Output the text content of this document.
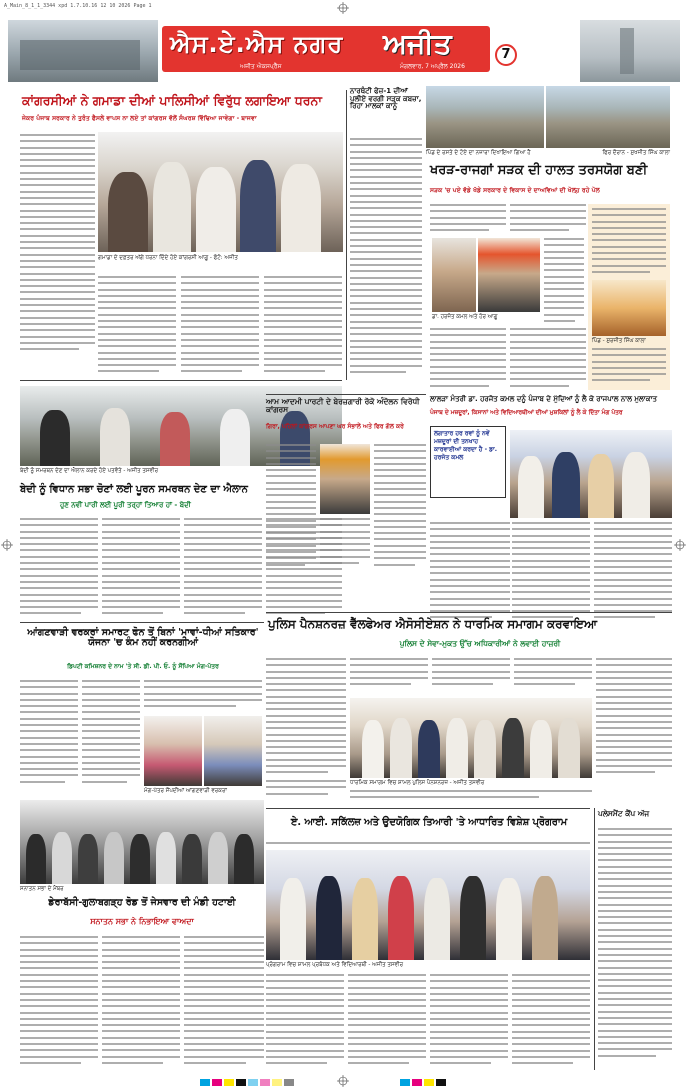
A_Main_8_1_1_3344 xpd 1.7.10.16 12 10 2026 Page 1
ਐਸ.ਏ.ਐਸ ਨਗਰ	ਅਜੀਤ
ਅਜੀਤ ਐਕਸਪ੍ਰੈੱਸ	ਮੰਗਲਵਾਰ, 7 ਅਪ੍ਰੈਲ 2026
7
ਕਾਂਗਰਸੀਆਂ ਨੇ ਗਮਾਡਾ ਦੀਆਂ ਪਾਲਿਸੀਆਂ ਵਿਰੁੱਧ ਲਗਾਇਆ ਧਰਨਾ
ਜੇਕਰ ਪੰਜਾਬ ਸਰਕਾਰ ਨੇ ਤੁਰੰਤ ਫੈਸਲੇ ਵਾਪਸ ਨਾ ਲਏ ਤਾਂ ਕਾਂਗਰਸ ਵੱਲੋਂ ਸੰਘਰਸ਼ ਵਿੱਢਿਆ ਜਾਵੇਗਾ - ਬਾਜਵਾ
ਗਮਾਡਾ ਦੇ ਦਫ਼ਤਰ ਅੱਗੇ ਧਰਨਾ ਦਿੰਦੇ ਹੋਏ ਕਾਂਗਰਸੀ ਆਗੂ - ਫੋਟੋ: ਅਜੀਤ
ਨਾਰਥੰਟੀ ਫੇਜ਼-1 ਦੀਆਂ ਪੁਲੀਏ ਵਰਗੀ ਸੜਕ ਕਬਜ਼ਾ, ਰਿਹਾ ਮਾਲਕਾਂ ਕਾਨੂੰ
ਪਿੰਡ ਦੇ ਰਸਤੇ ਦੇ ਟੋਏ ਦਾ ਨਜ਼ਾਰਾ ਦਿਖਾਇਆ ਗਿਆ ਹੈ	ਫਿਰ ਦੌਰਾਨ - ਸੁਖਜੀਤ ਸਿੰਘ ਕਾਲਾ
ਖਰੜ-ਰਾਜਗਾਂ ਸੜਕ ਦੀ ਹਾਲਤ ਤਰਸਯੋਗ ਬਣੀ
ਸੜਕ 'ਚ ਪਏ ਵੱਡੇ ਖੱਡੇ ਸਰਕਾਰ ਦੇ ਵਿਕਾਸ ਦੇ ਦਾਅਵਿਆਂ ਦੀ ਖੋਲ੍ਹ ਰਹੇ ਪੋਲ
ਡਾ. ਹਰਜੋਤ ਕਮਲ ਅਤੇ ਹੋਰ ਆਗੂ
ਪਿੰਡ - ਸੁਰਜੀਤ ਸਿੰਘ ਕਾਲਾ
ਬੇਦੀ ਨੂੰ ਸਮਰਥਨ ਦੇਣ ਦਾ ਐਲਾਨ ਕਰਦੇ ਹੋਏ ਪਤਵੰਤੇ - ਅਜੀਤ ਤਸਵੀਰ
ਬੇਦੀ ਨੂੰ ਵਿਧਾਨ ਸਭਾ ਚੋਣਾਂ ਲਈ ਪੂਰਨ ਸਮਰਥਨ ਦੇਣ ਦਾ ਐਲਾਨ
ਹੁਣ ਨਵੀਂ ਪਾਰੀ ਲਈ ਪੂਰੀ ਤਰ੍ਹਾਂ ਤਿਆਰ ਹਾਂ - ਬੇਦੀ
ਆਮ ਆਦਮੀ ਪਾਰਟੀ ਦੇ ਬੇਰਜ਼ਗਾਰੀ ਰੋਕੋ ਅੰਦੋਲਨ ਵਿਰੋਧੀ ਕਾਂਗਰਸ
ਗਿਰਾ, ਪਹਿਲਾਂ ਕਾਂਗਰਸ ਆਪਣਾ ਘਰ ਸੰਭਾਲੇ ਅਤੇ ਫਿਰ ਗੱਲ ਕਰੇ
ਲਾਲੜਾ ਮੰਤਰੀ ਡਾ. ਹਰਜੋਤ ਕਮਲ ਦਨੂੰ ਪੰਜਾਬ ਦੇ ਮੁੱਦਿਆਂ ਨੂੰ ਲੈ ਕੇ ਰਾਜਪਾਲ ਨਾਲ ਮੁਲਾਕਾਤ
ਪੰਜਾਬ ਦੇ ਮਜ਼ਦੂਰਾਂ, ਕਿਸਾਨਾਂ ਅਤੇ ਵਿਦਿਆਰਥੀਆਂ ਦੀਆਂ ਮੁਸ਼ਕਿਲਾਂ ਨੂੰ ਲੈ ਕੇ ਦਿੱਤਾ ਮੰਗ ਪੱਤਰ
ਲਗਾਤਾਰ ਹਰ ਰਵਾਂ ਨੂੰ ਨਵੇਂ ਮਜ਼ਦੂਰਾਂ ਦੀ ਤਨਖਾਹ ਕਾਰਵਾਈਆਂ ਕਰਦਾ ਹੈ - ਡਾ. ਹਰਜੋਤ ਕਮਲ
ਆਂਗਣਵਾੜੀ ਵਰਕਰਾਂ ਸਮਾਰਟ ਫੋਨ ਤੋਂ ਬਿਨਾਂ 'ਮਾਵਾਂ-ਧੀਆਂ ਸਤਿਕਾਰ' ਯੋਜਨਾ 'ਚ ਕੰਮ ਨਹੀਂ ਕਰਨਗੀਆਂ
ਡਿਪਟੀ ਕਮਿਸ਼ਨਰ ਦੇ ਨਾਮ 'ਤੇ ਸੀ. ਡੀ. ਪੀ. ਓ. ਨੂੰ ਸੌਂਪਿਆ ਮੰਗ-ਪੱਤਰ
ਮੰਗ-ਪੱਤਰ ਸੌਂਪਦੀਆਂ ਆਂਗਣਵਾੜੀ ਵਰਕਰਾਂ
ਪੁਲਿਸ ਪੈਨਸ਼ਨਰਜ਼ ਵੈੱਲਫੇਅਰ ਐਸੋਸੀਏਸ਼ਨ ਨੇ ਧਾਰਮਿਕ ਸਮਾਗਮ ਕਰਵਾਇਆ
ਪੁਲਿਸ ਦੇ ਸੇਵਾ-ਮੁਕਤ ਉੱਚ ਅਧਿਕਾਰੀਆਂ ਨੇ ਲਵਾਈ ਹਾਜ਼ਰੀ
ਧਾਰਮਿਕ ਸਮਾਗਮ ਵਿਚ ਸ਼ਾਮਲ ਪੁਲਿਸ ਪੈਨਸ਼ਨਰਜ਼ - ਅਜੀਤ ਤਸਵੀਰ
ਸਨਾਤਨ ਸਭਾ ਦੇ ਮੈਂਬਰ
ਡੇਰਾਬੱਸੀ-ਗੁਲਾਬਗੜ੍ਹ ਰੋਡ ਤੋਂ ਜੇਸਵਾਰ ਦੀ ਮੰਡੀ ਹਟਾਈ
ਸਨਾਤਨ ਸਭਾ ਨੇ ਨਿਭਾਇਆ ਵਾਅਦਾ
ਏ. ਆਈ. ਸਕਿੱਲਜ਼ ਅਤੇ ਉਦਯੋਗਿਕ ਤਿਆਰੀ 'ਤੇ ਆਧਾਰਿਤ ਵਿਸ਼ੇਸ਼ ਪ੍ਰੋਗਰਾਮ
ਪ੍ਰੋਗਰਾਮ ਵਿਚ ਸ਼ਾਮਲ ਪ੍ਰਬੰਧਕ ਅਤੇ ਵਿਦਿਆਰਥੀ - ਅਜੀਤ ਤਸਵੀਰ
ਪਲੇਸਮੈਂਟ ਕੈਂਪ ਅੱਜ
